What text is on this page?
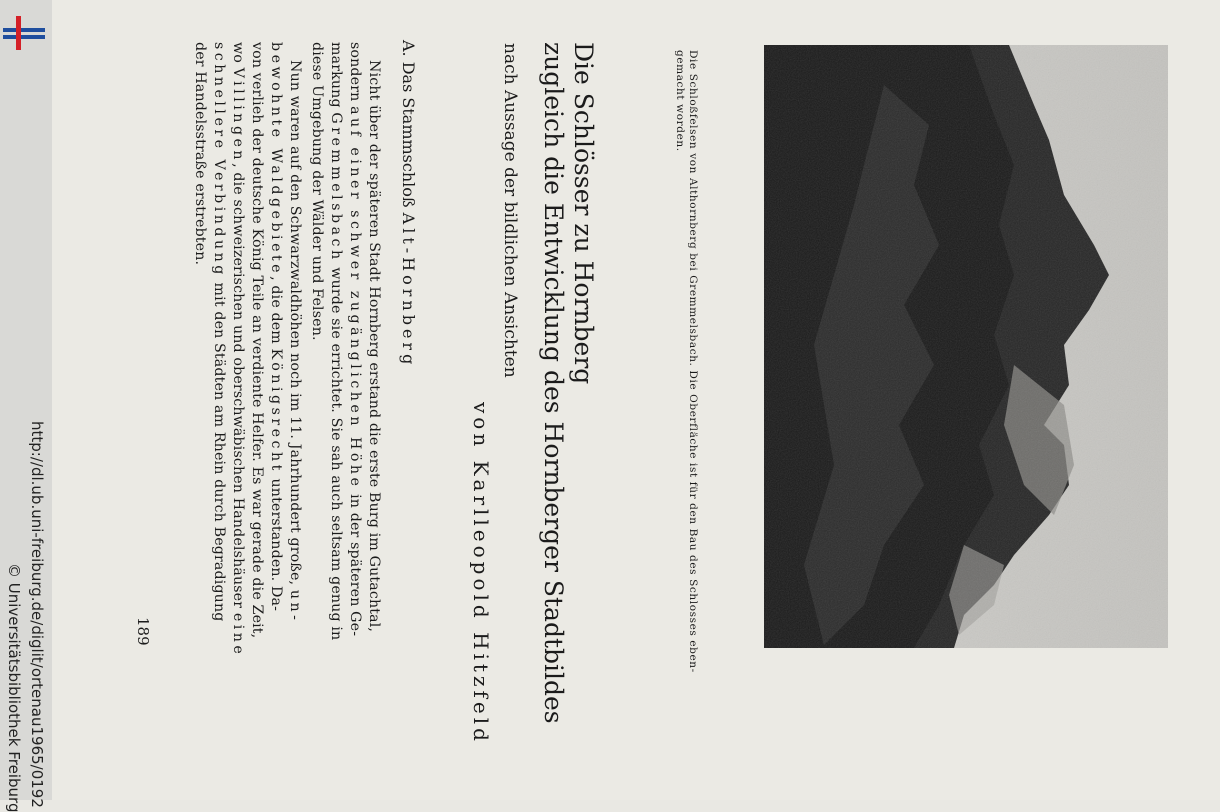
http://dl.ub.uni-freiburg.de/diglit/ortenau1965/0192
© Universitätsbibliothek Freiburg
Die Schlösser zu Hornberg
zugleich die Entwicklung des Hornberger Stadtbildes
nach Aussage der bildlichen Ansichten
von Karlleopold Hitzfeld
A. Das Stammschloß Alt-Hornberg
Nicht über der späteren Stadt Hornberg erstand die erste Burg im Gutachtal,
sondern auf einer schwer zugänglichen Höhe in der späteren Ge-
markung Gremmelsbach wurde sie errichtet. Sie sah auch seltsam genug in
diese Umgebung der Wälder und Felsen.
Nun waren auf den Schwarzwaldhöhen noch im 11. Jahrhundert große, un-
bewohnte Waldgebiete, die dem Königsrecht unterstanden. Da-
von verlieh der deutsche König Teile an verdiente Helfer. Es war gerade die Zeit,
wo Villingen, die schweizerischen und oberschwäbischen Handelshäuser eine
schnellere Verbindung mit den Städten am Rhein durch Begradigung
der Handelsstraße erstrebten.
189	Die Schloßfelsen von Althornberg bei Gremmelsbach. Die Oberfläche ist für den Bau des Schlosses eben-
gemacht worden.
